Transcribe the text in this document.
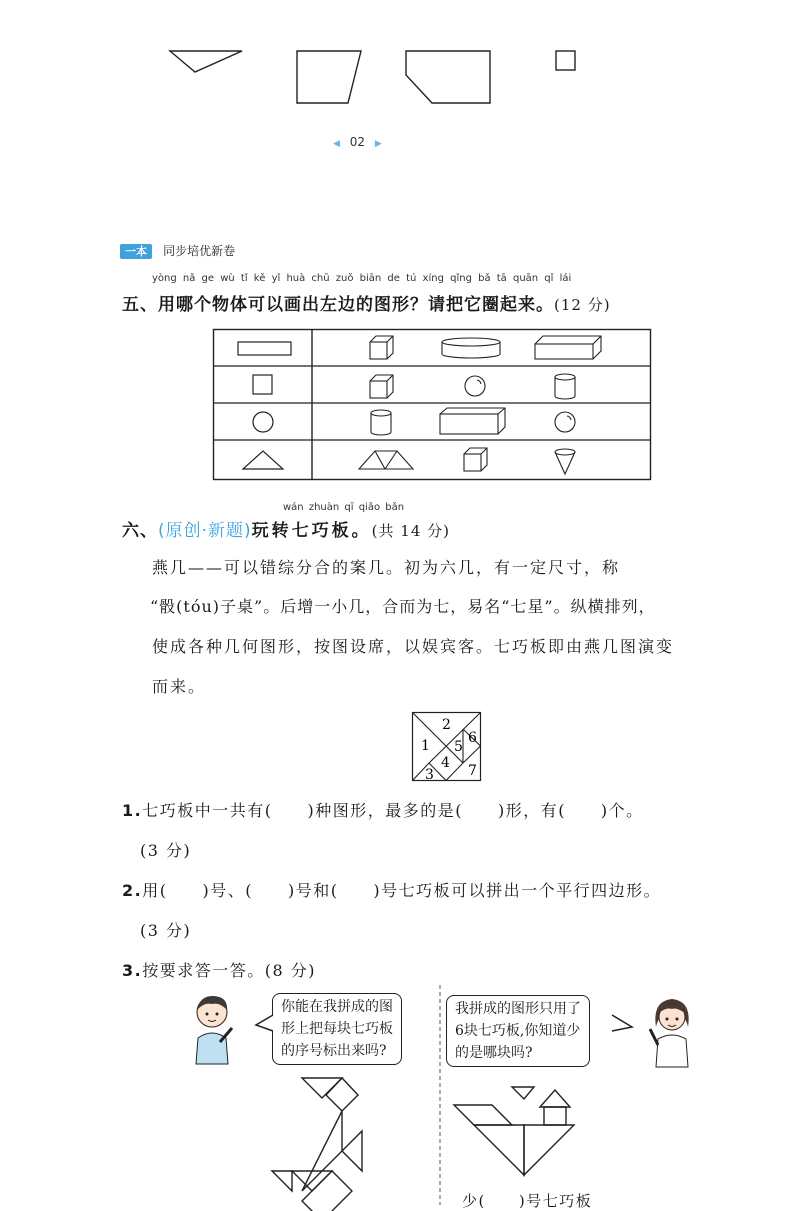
◀ 02 ▶
一本 同步培优新卷
yòng nǎ ge wù tǐ kě yǐ huà chū zuǒ biān de tú xíng qǐng bǎ tā quān qǐ lái
五、用哪个物体可以画出左边的图形？请把它圈起来。(12 分)
wán zhuàn qī qiǎo bǎn
六、(原创·新题)玩转七巧板。(共 14 分)
燕几——可以错综分合的案几。初为六几，有一定尺寸，称
“骰(tóu)子桌”。后增一小几，合而为七，易名“七星”。纵横排列，
使成各种几何图形，按图设席，以娱宾客。七巧板即由燕几图演变
而来。
1
2
3
4
5
6
7
1.七巧板中一共有(　　)种图形，最多的是(　　)形，有(　　)个。
(3 分)
2.用(　　)号、(　　)号和(　　)号七巧板可以拼出一个平行四边形。
(3 分)
3.按要求答一答。(8 分)
你能在我拼成的图
形上把每块七巧板
的序号标出来吗?
我拼成的图形只用了
6块七巧板,你知道少
的是哪块吗?
少(　　)号七巧板
